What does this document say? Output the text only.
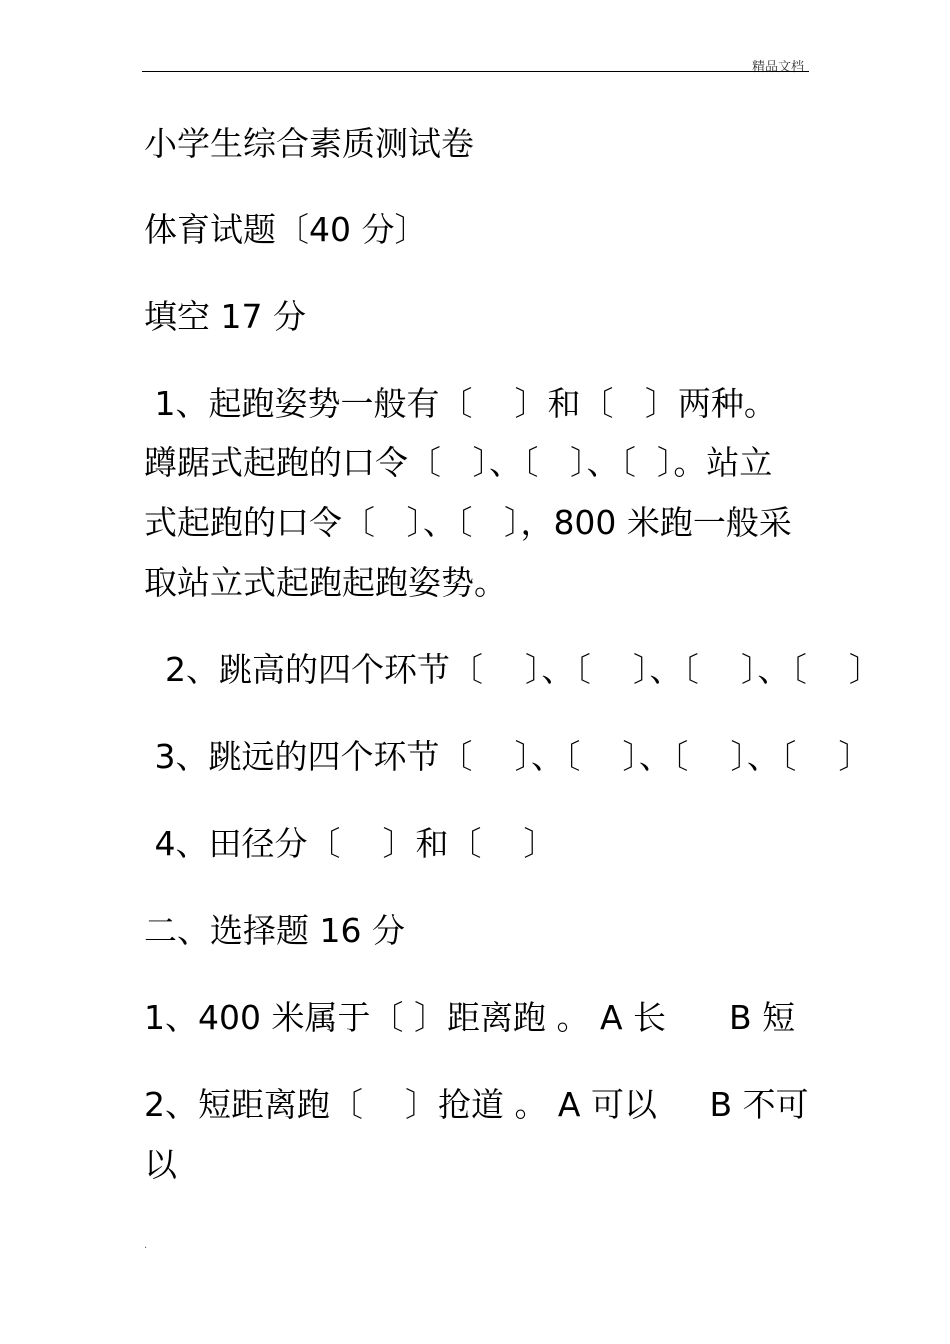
精品文档
小学生综合素质测试卷
体育试题〔40 分〕
填空 17 分
1、起跑姿势一般有〔    〕和〔   〕两种。
蹲踞式起跑的口令〔   〕、〔   〕、〔  〕。站立
式起跑的口令〔   〕、〔   〕，800 米跑一般采
取站立式起跑起跑姿势。
2、跳高的四个环节〔    〕、〔    〕、〔    〕、〔    〕
3、跳远的四个环节〔    〕、〔    〕、〔    〕、〔    〕
4、田径分〔    〕和〔    〕
二、选择题 16 分
1、400 米属于〔 〕距离跑 。 A 长      B 短
2、短距离跑〔    〕抢道 。 A 可以     B 不可
以
.
